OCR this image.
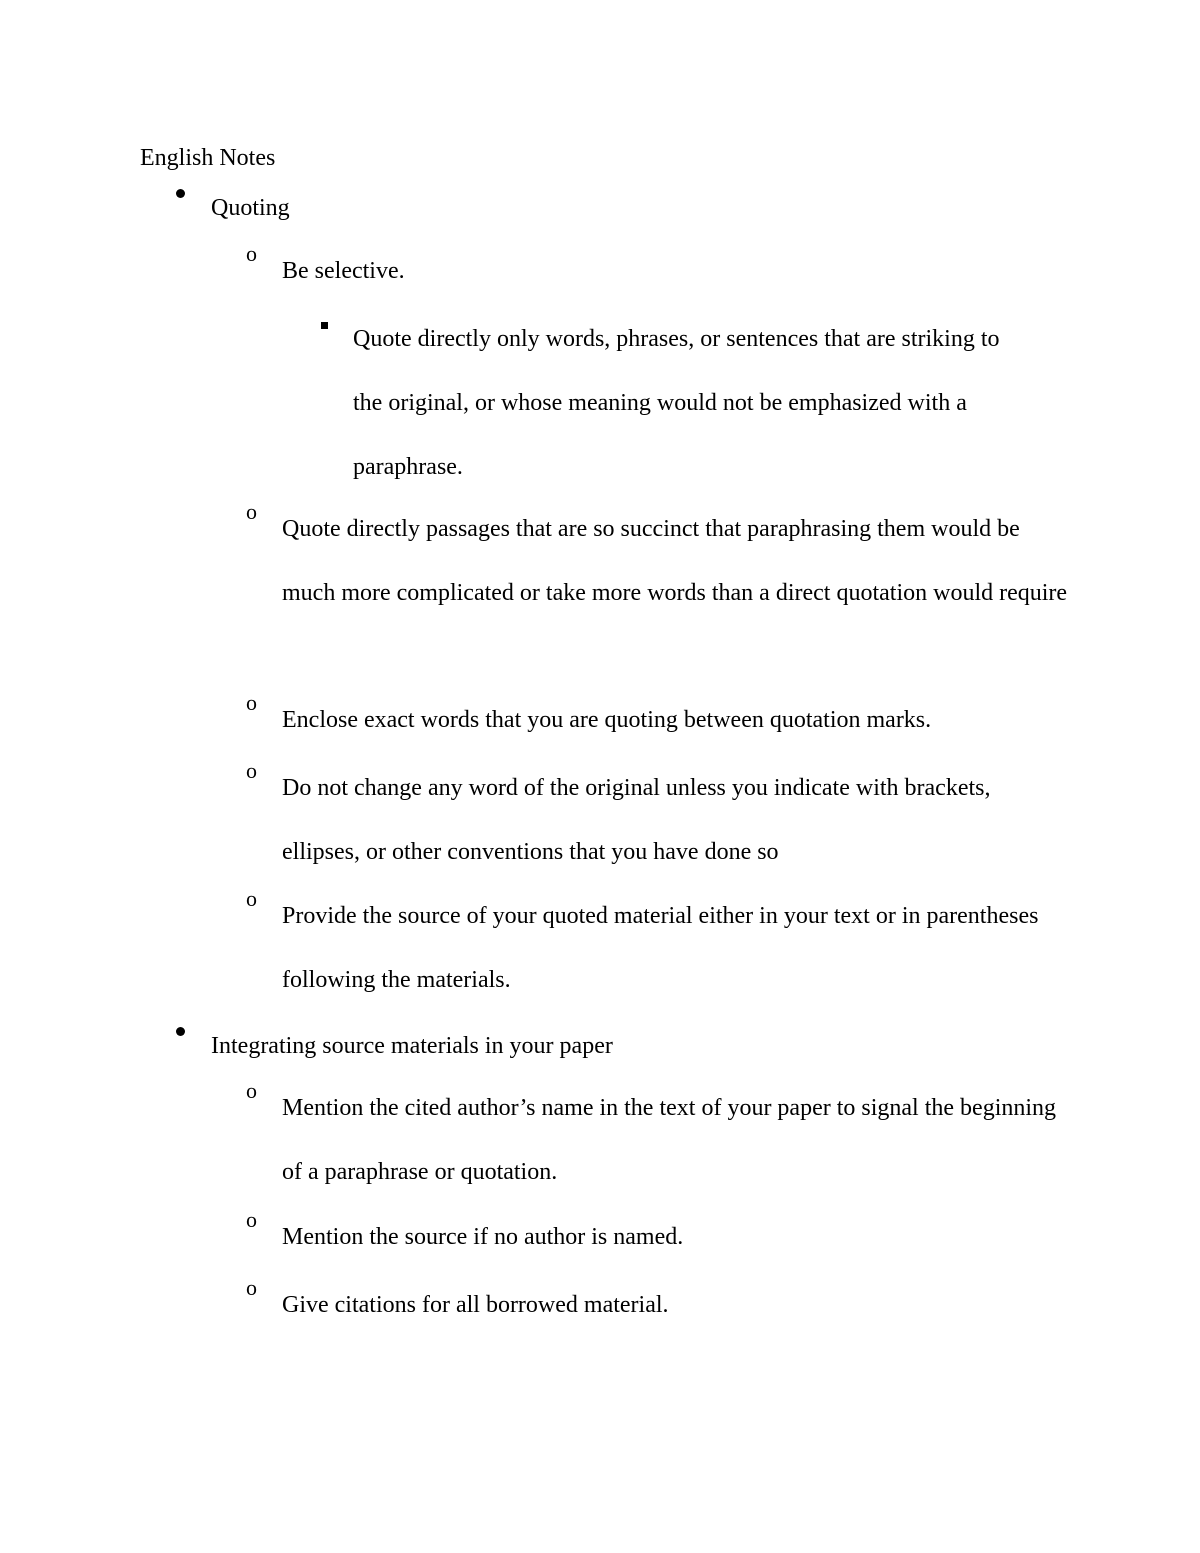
English Notes
Quoting
o
Be selective.
Quote directly only words, phrases, or sentences that are striking to the original, or whose meaning would not be emphasized with a paraphrase.
o
Quote directly passages that are so succinct that paraphrasing them would be much more complicated or take more words than a direct quotation would require
o
Enclose exact words that you are quoting between quotation marks.
o
Do not change any word of the original unless you indicate with brackets, ellipses, or other conventions that you have done so
o
Provide the source of your quoted material either in your text or in parentheses following the materials.
Integrating source materials in your paper
o
Mention the cited author’s name in the text of your paper to signal the beginning of a paraphrase or quotation.
o
Mention the source if no author is named.
o
Give citations for all borrowed material.
